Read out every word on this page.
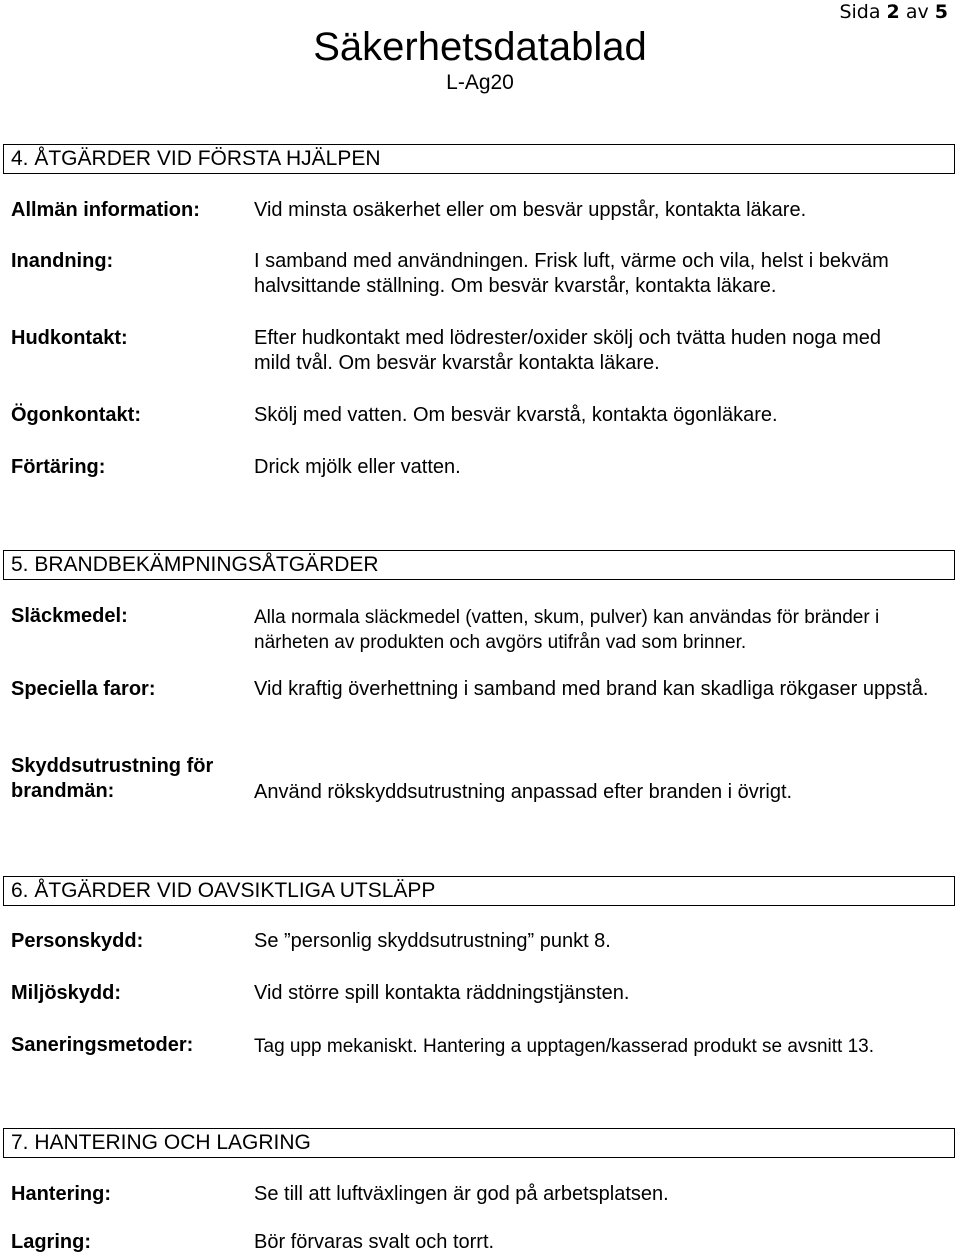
Sida 2 av 5
Säkerhetsdatablad
L-Ag20
4. ÅTGÄRDER VID FÖRSTA HJÄLPEN
Allmän information:	Vid minsta osäkerhet eller om besvär uppstår, kontakta läkare.
Inandning:	I samband med användningen. Frisk luft, värme och vila, helst i bekväm halvsittande ställning. Om besvär kvarstår, kontakta läkare.
Hudkontakt:	Efter hudkontakt med lödrester/oxider skölj och tvätta huden noga med mild tvål. Om besvär kvarstår kontakta läkare.
Ögonkontakt:	Skölj med vatten. Om besvär kvarstå, kontakta ögonläkare.
Förtäring:	Drick mjölk eller vatten.
5. BRANDBEKÄMPNINGSÅTGÄRDER
Släckmedel:	Alla normala släckmedel (vatten, skum, pulver) kan användas för bränder i närheten av produkten och avgörs utifrån vad som brinner.
Speciella faror:	Vid kraftig överhettning i samband med brand kan skadliga rökgaser uppstå.
Skyddsutrustning för
brandmän:	Använd rökskyddsutrustning anpassad efter branden i övrigt.
6. ÅTGÄRDER VID OAVSIKTLIGA UTSLÄPP
Personskydd:	Se ”personlig skyddsutrustning” punkt 8.
Miljöskydd:	Vid större spill kontakta räddningstjänsten.
Saneringsmetoder:	Tag upp mekaniskt. Hantering a upptagen/kasserad produkt se avsnitt 13.
7. HANTERING OCH LAGRING
Hantering:	Se till att luftväxlingen är god på arbetsplatsen.
Lagring:	Bör förvaras svalt och torrt.
